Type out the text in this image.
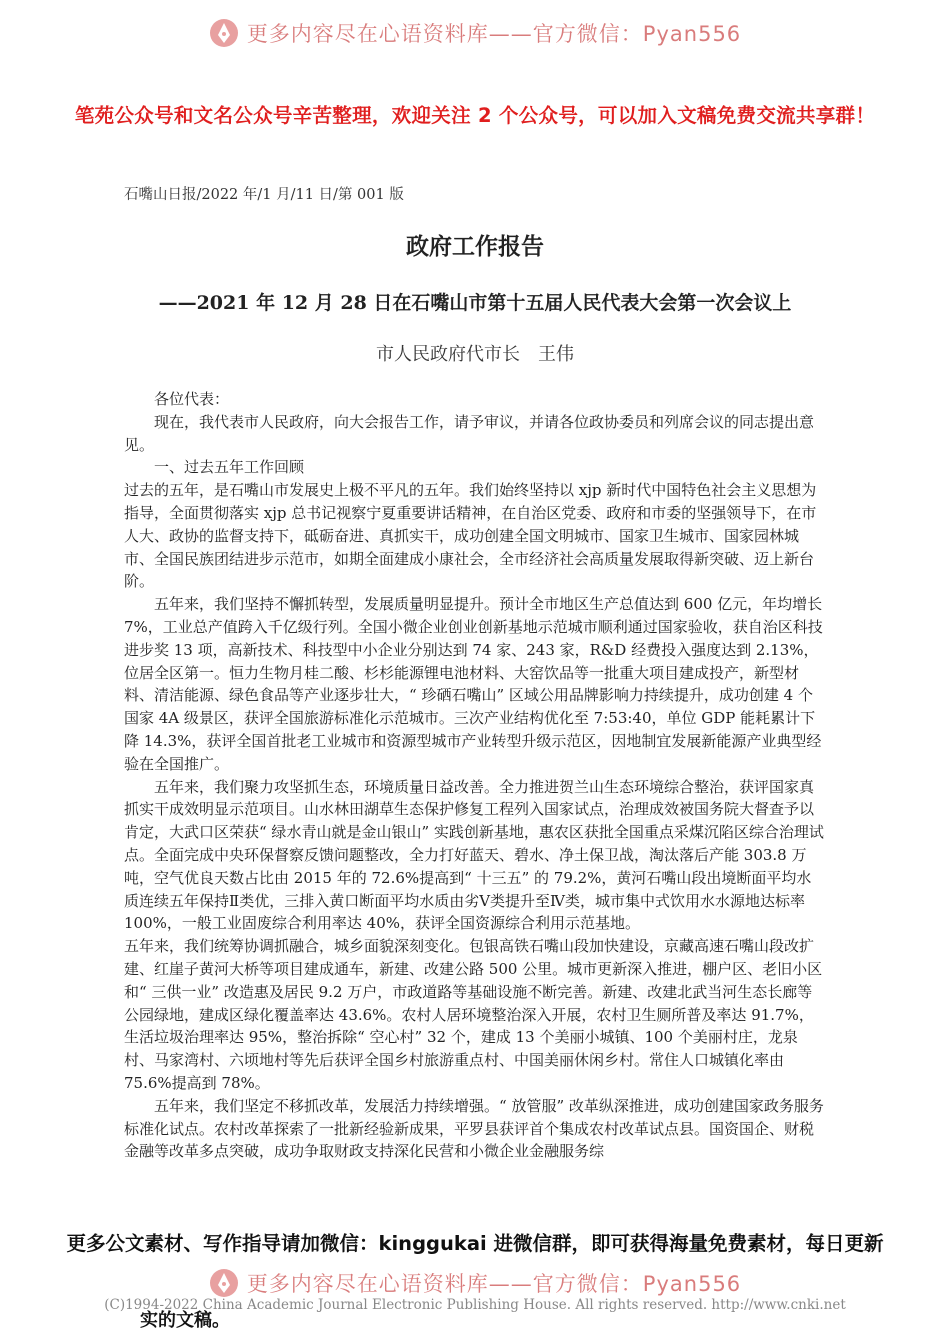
更多内容尽在心语资料库——官方微信：Pyan556
笔苑公众号和文名公众号辛苦整理，欢迎关注 2 个公众号，可以加入文稿免费交流共享群！
石嘴山日报/2022 年/1 月/11 日/第 001 版
政府工作报告
——2021 年 12 月 28 日在石嘴山市第十五届人民代表大会第一次会议上
市人民政府代市长　王伟

各位代表：

现在，我代表市人民政府，向大会报告工作，请予审议，并请各位政协委员和列席会议的同志提出意见。

一、过去五年工作回顾

过去的五年，是石嘴山市发展史上极不平凡的五年。我们始终坚持以 xjp 新时代中国特色社会主义思想为指导，全面贯彻落实 xjp 总书记视察宁夏重要讲话精神，在自治区党委、政府和市委的坚强领导下，在市人大、政协的监督支持下，砥砺奋进、真抓实干，成功创建全国文明城市、国家卫生城市、国家园林城市、全国民族团结进步示范市，如期全面建成小康社会，全市经济社会高质量发展取得新突破、迈上新台阶。

五年来，我们坚持不懈抓转型，发展质量明显提升。预计全市地区生产总值达到 600 亿元，年均增长 7%，工业总产值跨入千亿级行列。全国小微企业创业创新基地示范城市顺利通过国家验收，获自治区科技进步奖 13 项，高新技术、科技型中小企业分别达到 74 家、243 家，R&D 经费投入强度达到 2.13%，位居全区第一。恒力生物月桂二酸、杉杉能源锂电池材料、大窑饮品等一批重大项目建成投产，新型材料、清洁能源、绿色食品等产业逐步壮大，“ 珍硒石嘴山” 区域公用品牌影响力持续提升，成功创建 4 个国家 4A 级景区，获评全国旅游标准化示范城市。三次产业结构优化至 7:53:40，单位 GDP 能耗累计下降 14.3%，获评全国首批老工业城市和资源型城市产业转型升级示范区，因地制宜发展新能源产业典型经验在全国推广。

五年来，我们聚力攻坚抓生态，环境质量日益改善。全力推进贺兰山生态环境综合整治，获评国家真抓实干成效明显示范项目。山水林田湖草生态保护修复工程列入国家试点，治理成效被国务院大督查予以肯定，大武口区荣获“ 绿水青山就是金山银山” 实践创新基地，惠农区获批全国重点采煤沉陷区综合治理试点。全面完成中央环保督察反馈问题整改，全力打好蓝天、碧水、净土保卫战，淘汰落后产能 303.8 万吨，空气优良天数占比由 2015 年的 72.6%提高到“ 十三五” 的 79.2%，黄河石嘴山段出境断面平均水质连续五年保持Ⅱ类优，三排入黄口断面平均水质由劣Ⅴ类提升至Ⅳ类，城市集中式饮用水水源地达标率 100%，一般工业固废综合利用率达 40%，获评全国资源综合利用示范基地。

五年来，我们统筹协调抓融合，城乡面貌深刻变化。包银高铁石嘴山段加快建设，京藏高速石嘴山段改扩建、红崖子黄河大桥等项目建成通车，新建、改建公路 500 公里。城市更新深入推进，棚户区、老旧小区和“ 三供一业” 改造惠及居民 9.2 万户，市政道路等基础设施不断完善。新建、改建北武当河生态长廊等公园绿地，建成区绿化覆盖率达 43.6%。农村人居环境整治深入开展，农村卫生厕所普及率达 91.7%，生活垃圾治理率达 95%，整治拆除“ 空心村” 32 个，建成 13 个美丽小城镇、100 个美丽村庄，龙泉村、马家湾村、六顷地村等先后获评全国乡村旅游重点村、中国美丽休闲乡村。常住人口城镇化率由 75.6%提高到 78%。

五年来，我们坚定不移抓改革，发展活力持续增强。“ 放管服” 改革纵深推进，成功创建国家政务服务标准化试点。农村改革探索了一批新经验新成果，平罗县获评首个集成农村改革试点县。国资国企、财税金融等改革多点突破，成功争取财政支持深化民营和小微企业金融服务综

更多公文素材、写作指导请加微信：kinggukai 进微信群，即可获得海量免费素材，每日更新
更多内容尽在心语资料库——官方微信：Pyan556
(C)1994-2022 China Academic Journal Electronic Publishing House. All rights reserved. http://www.cnki.net
实的文稿。
